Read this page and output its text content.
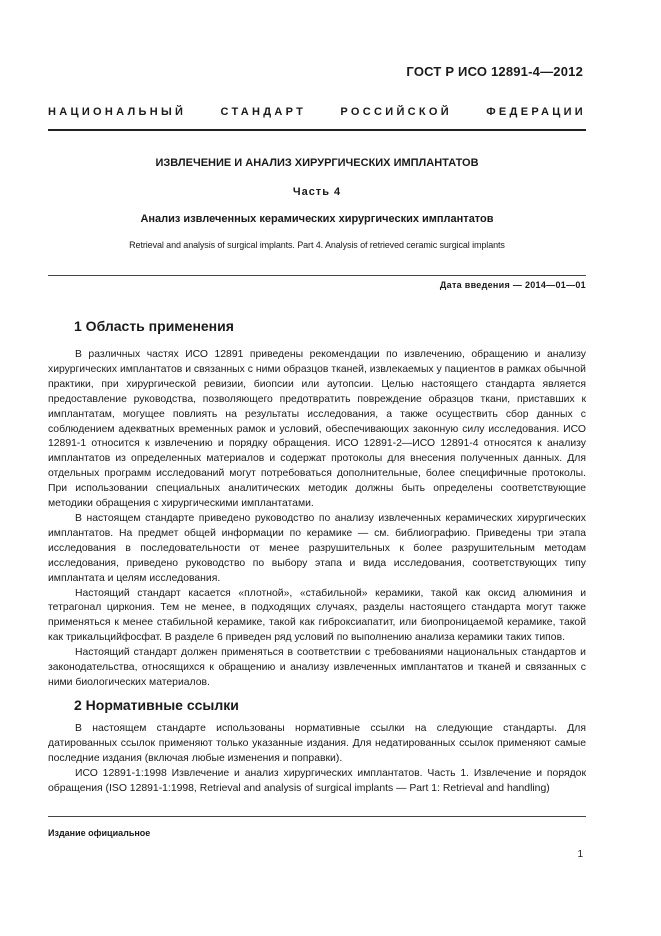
ГОСТ Р ИСО 12891-4—2012
НАЦИОНАЛЬНЫЙ	СТАНДАРТ	РОССИЙСКОЙ	ФЕДЕРАЦИИ
ИЗВЛЕЧЕНИЕ И АНАЛИЗ ХИРУРГИЧЕСКИХ ИМПЛАНТАТОВ
Часть 4
Анализ извлеченных керамических хирургических имплантатов
Retrieval and analysis of surgical implants. Part 4. Analysis of retrieved ceramic surgical implants
Дата введения — 2014—01—01
1 Область применения

В различных частях ИСО 12891 приведены рекомендации по извлечению, обращению и анализу хирургических имплантатов и связанных с ними образцов тканей, извлекаемых у пациентов в рамках обычной практики, при хирургической ревизии, биопсии или аутопсии. Целью настоящего стандарта является предоставление руководства, позволяющего предотвратить повреждение образцов ткани, приставших к имплантатам, могущее повлиять на результаты исследования, а также осуществить сбор данных с соблюдением адекватных временных рамок и условий, обеспечивающих законную силу исследования. ИСО 12891-1 относится к извлечению и порядку обращения. ИСО 12891-2—ИСО 12891-4 относятся к анализу имплантатов из определенных материалов и содержат протоколы для внесения полученных данных. Для отдельных программ исследований могут потребоваться дополнительные, более специфичные протоколы. При использовании специальных аналитических методик должны быть определены соответствующие методики обращения с хирургическими имплантатами.

В настоящем стандарте приведено руководство по анализу извлеченных керамических хирургических имплантатов. На предмет общей информации по керамике — см. библиографию. Приведены три этапа исследования в последовательности от менее разрушительных к более разрушительным методам исследования, приведено руководство по выбору этапа и вида исследования, соответствующих типу имплантата и целям исследования.

Настоящий стандарт касается «плотной», «стабильной» керамики, такой как оксид алюминия и тетрагонал циркония. Тем не менее, в подходящих случаях, разделы настоящего стандарта могут также применяться к менее стабильной керамике, такой как гиброксиапатит, или биопроницаемой керамике, такой как трикальцийфосфат. В разделе 6 приведен ряд условий по выполнению анализа керамики таких типов.

Настоящий стандарт должен применяться в соответствии с требованиями национальных стандартов и законодательства, относящихся к обращению и анализу извлеченных имплантатов и тканей и связанных с ними биологических материалов.

2 Нормативные ссылки

В настоящем стандарте использованы нормативные ссылки на следующие стандарты. Для датированных ссылок применяют только указанные издания. Для недатированных ссылок применяют самые последние издания (включая любые изменения и поправки).

ИСО 12891-1:1998 Извлечение и анализ хирургических имплантатов. Часть 1. Извлечение и порядок обращения (ISO 12891-1:1998, Retrieval and analysis of surgical implants — Part 1: Retrieval and handling)

Издание официальное
1
